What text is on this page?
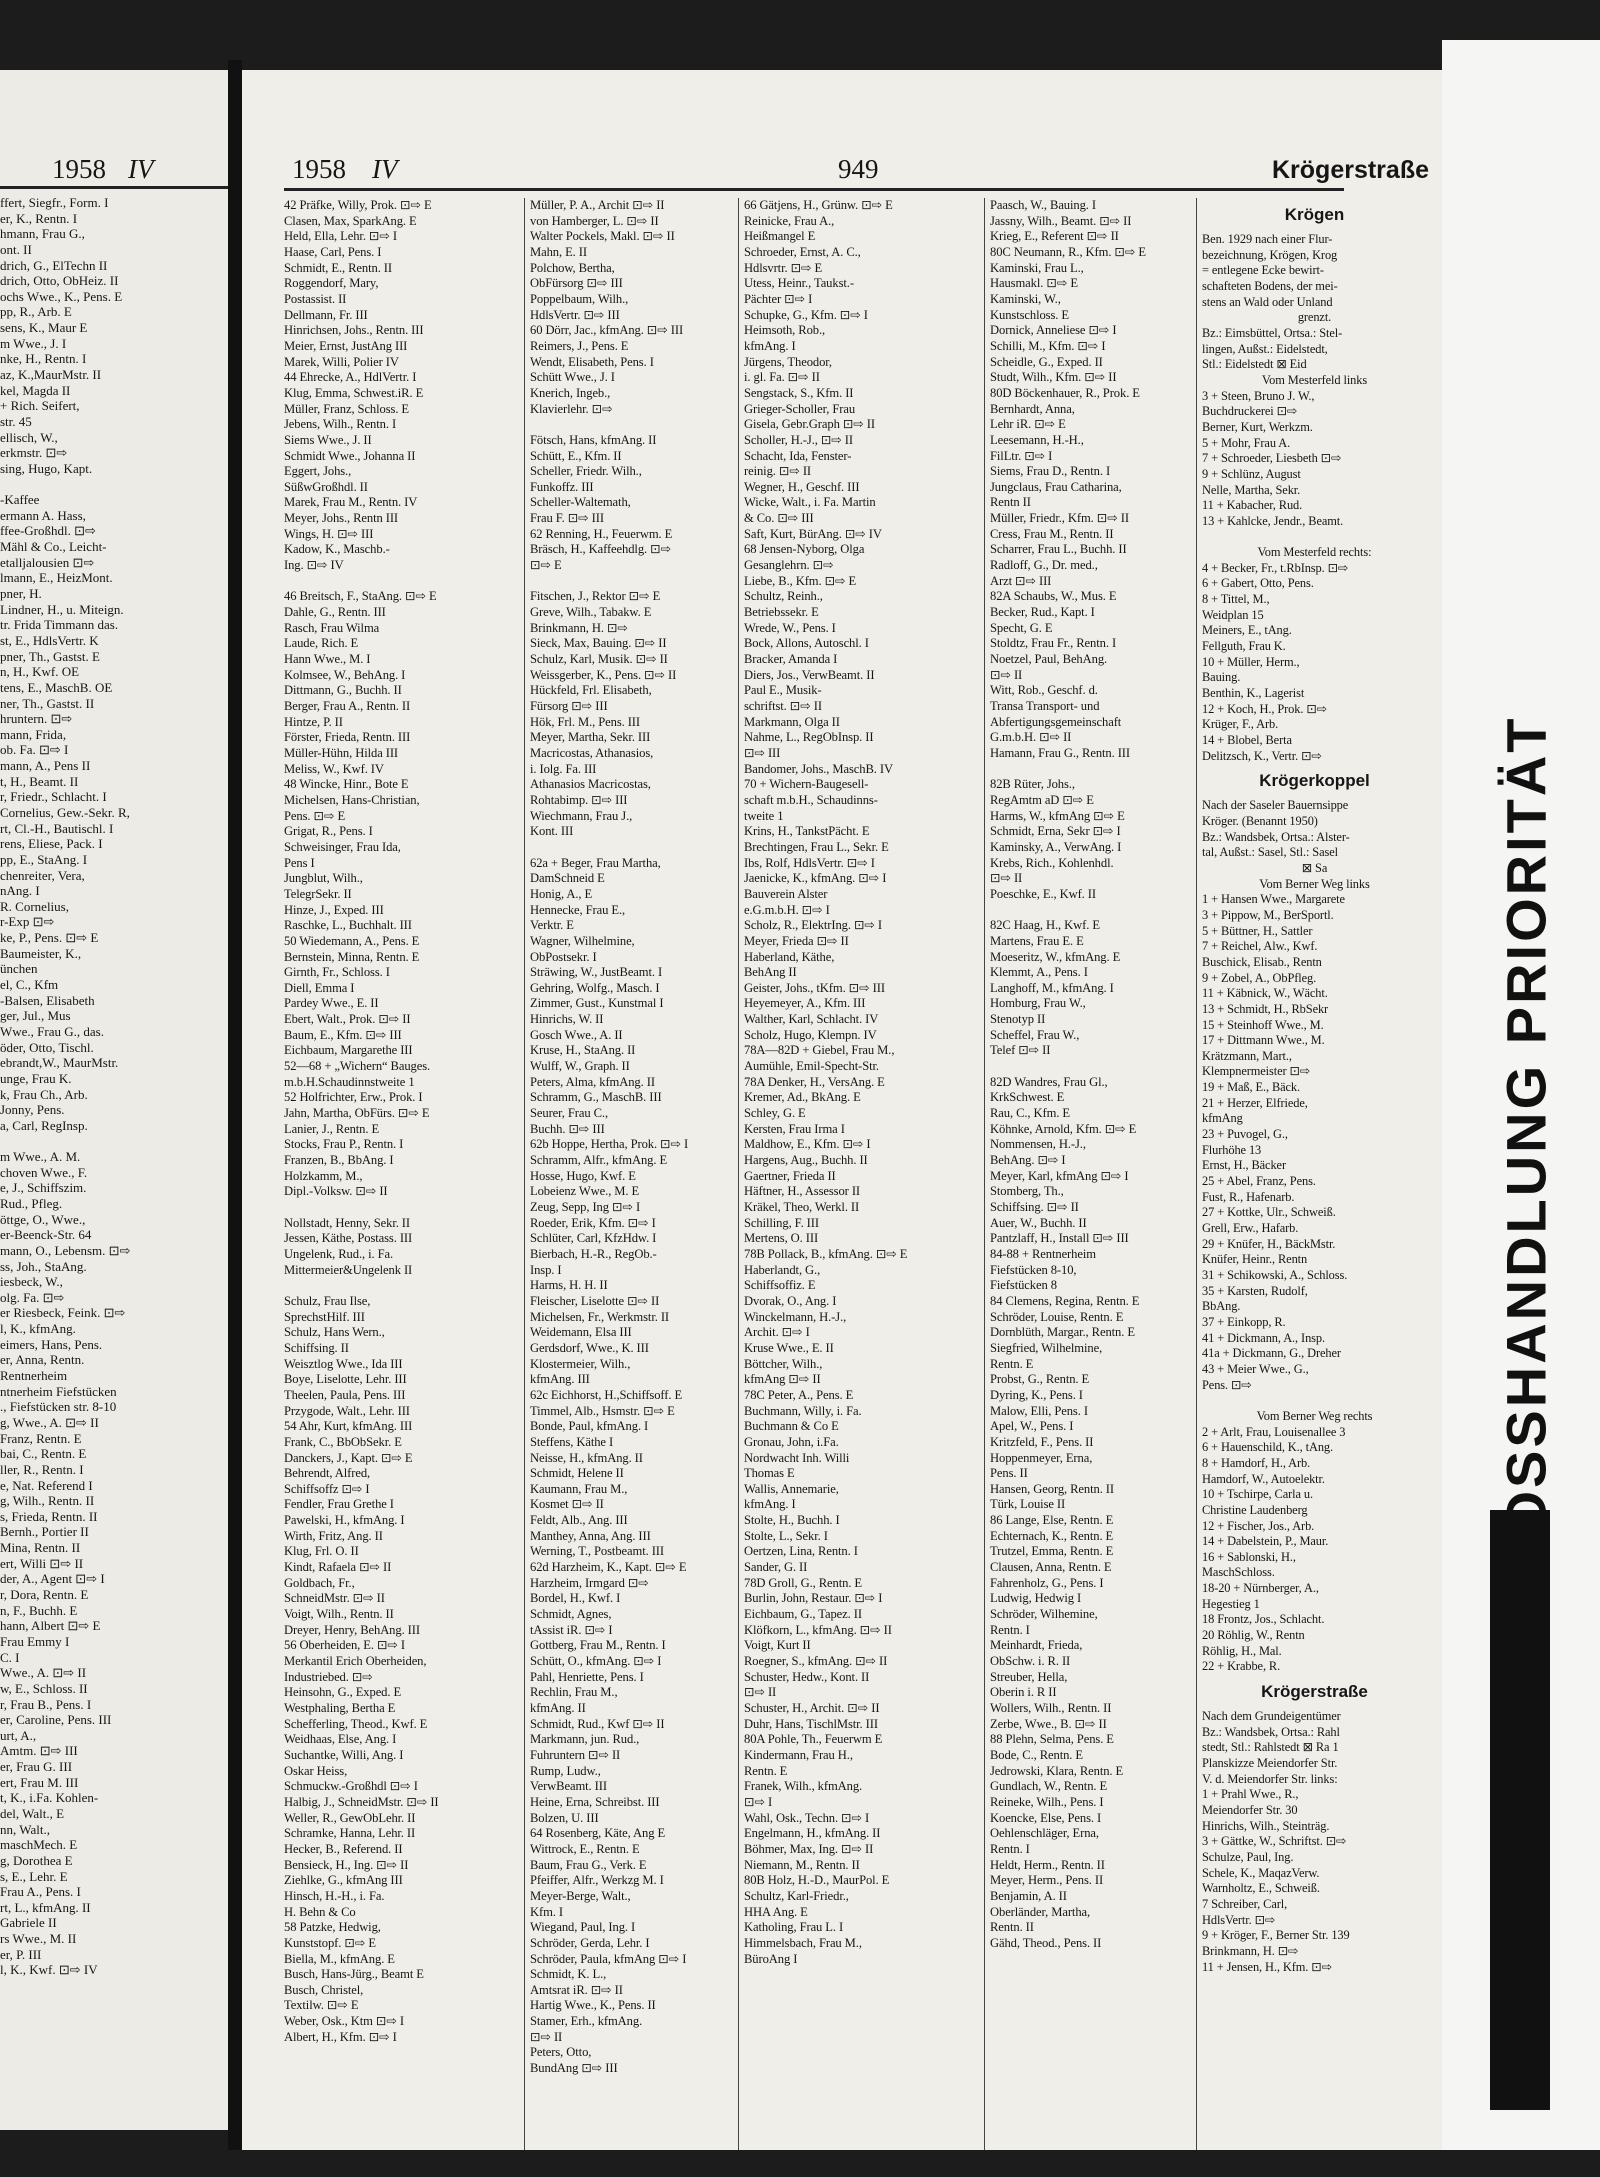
1958 IV
ffert, Siegfr., Form. I
er, K., Rentn. I
hmann, Frau G.,
ont. II
drich, G., ElTechn II
drich, Otto, ObHeiz. II
ochs Wwe., K., Pens. E
pp, R., Arb. E
sens, K., Maur E
m Wwe., J. I
nke, H., Rentn. I
az, K.,MaurMstr. II
kel, Magda II
+ Rich. Seifert,
str. 45
ellisch, W.,
erkmstr. ⊡⇨
sing, Hugo, Kapt.
-Kaffee
ermann A. Hass,
ffee-Großhdl. ⊡⇨
Mähl & Co., Leicht-
etalljalousien ⊡⇨
lmann, E., HeizMont.
pner, H.
Lindner, H., u. Miteign.
tr. Frida Timmann das.
st, E., HdlsVertr. K
pner, Th., Gastst. E
n, H., Kwf. OE
tens, E., MaschB. OE
ner, Th., Gastst. II
hruntern. ⊡⇨
mann, Frida,
ob. Fa. ⊡⇨ I
mann, A., Pens II
t, H., Beamt. II
r, Friedr., Schlacht. I
Cornelius, Gew.-Sekr. R,
rt, Cl.-H., Bautischl. I
rens, Eliese, Pack. I
pp, E., StaAng. I
chenreiter, Vera,
nAng. I
R. Cornelius,
r-Exp ⊡⇨
ke, P., Pens. ⊡⇨ E
Baumeister, K.,
ünchen
el, C., Kfm
-Balsen, Elisabeth
ger, Jul., Mus
Wwe., Frau G., das.
öder, Otto, Tischl.
ebrandt,W., MaurMstr.
unge, Frau K.
k, Frau Ch., Arb.
Jonny, Pens.
a, Carl, RegInsp.
m Wwe., A. M.
choven Wwe., F.
e, J., Schiffszim.
Rud., Pfleg.
öttge, O., Wwe.,
er-Beenck-Str. 64
mann, O., Lebensm. ⊡⇨
ss, Joh., StaAng.
iesbeck, W.,
olg. Fa. ⊡⇨
er Riesbeck, Feink. ⊡⇨
l, K., kfmAng.
eimers, Hans, Pens.
er, Anna, Rentn.
Rentnerheim
ntnerheim Fiefstücken
., Fiefstücken str. 8-10
g, Wwe., A. ⊡⇨ II
Franz, Rentn. E
bai, C., Rentn. E
ller, R., Rentn. I
e, Nat. Referend I
g, Wilh., Rentn. II
s, Frieda, Rentn. II
Bernh., Portier II
Mina, Rentn. II
ert, Willi ⊡⇨ II
der, A., Agent ⊡⇨ I
r, Dora, Rentn. E
n, F., Buchh. E
hann, Albert ⊡⇨ E
Frau Emmy I
C. I
Wwe., A. ⊡⇨ II
w, E., Schloss. II
r, Frau B., Pens. I
er, Caroline, Pens. III
urt, A.,
Amtm. ⊡⇨ III
er, Frau G. III
ert, Frau M. III
t, K., i.Fa. Kohlen-
del, Walt., E
nn, Walt.,
maschMech. E
g, Dorothea E
s, E., Lehr. E
Frau A., Pens. I
rt, L., kfmAng. II
Gabriele II
rs Wwe., M. II
er, P. III
l, K., Kwf. ⊡⇨ IV
1958 IV	949	Krögerstraße
42 Präfke, Willy, Prok. ⊡⇨ E
Clasen, Max, SparkAng. E
Held, Ella, Lehr. ⊡⇨ I
Haase, Carl, Pens. I
Schmidt, E., Rentn. II
Roggendorf, Mary,
Postassist. II
Dellmann, Fr. III
Hinrichsen, Johs., Rentn. III
Meier, Ernst, JustAng III
Marek, Willi, Polier IV
44 Ehrecke, A., HdlVertr. I
Klug, Emma, Schwest.iR. E
Müller, Franz, Schloss. E
Jebens, Wilh., Rentn. I
Siems Wwe., J. II
Schmidt Wwe., Johanna II
Eggert, Johs.,
SüßwGroßhdl. II
Marek, Frau M., Rentn. IV
Meyer, Johs., Rentn III
Wings, H. ⊡⇨ III
Kadow, K., Maschb.-
Ing. ⊡⇨ IV
46 Breitsch, F., StaAng. ⊡⇨ E
Dahle, G., Rentn. III
Rasch, Frau Wilma
Laude, Rich. E
Hann Wwe., M. I
Kolmsee, W., BehAng. I
Dittmann, G., Buchh. II
Berger, Frau A., Rentn. II
Hintze, P. II
Förster, Frieda, Rentn. III
Müller-Hühn, Hilda III
Meliss, W., Kwf. IV
48 Wincke, Hinr., Bote E
Michelsen, Hans-Christian,
Pens. ⊡⇨ E
Grigat, R., Pens. I
Schweisinger, Frau Ida,
Pens I
Jungblut, Wilh.,
TelegrSekr. II
Hinze, J., Exped. III
Raschke, L., Buchhalt. III
50 Wiedemann, A., Pens. E
Bernstein, Minna, Rentn. E
Girnth, Fr., Schloss. I
Diell, Emma I
Pardey Wwe., E. II
Ebert, Walt., Prok. ⊡⇨ II
Baum, E., Kfm. ⊡⇨ III
Eichbaum, Margarethe III
52—68 + „Wichern“ Bauges.
m.b.H.Schaudinnstweite 1
52 Holfrichter, Erw., Prok. I
Jahn, Martha, ObFürs. ⊡⇨ E
Lanier, J., Rentn. E
Stocks, Frau P., Rentn. I
Franzen, B., BbAng. I
Holzkamm, M.,
Dipl.-Volksw. ⊡⇨ II
Nollstadt, Henny, Sekr. II
Jessen, Käthe, Postass. III
Ungelenk, Rud., i. Fa.
Mittermeier&Ungelenk II
Schulz, Frau Ilse,
SprechstHilf. III
Schulz, Hans Wern.,
Schiffsing. II
Weisztlog Wwe., Ida III
Boye, Liselotte, Lehr. III
Theelen, Paula, Pens. III
Przygode, Walt., Lehr. III
54 Ahr, Kurt, kfmAng. III
Frank, C., BbObSekr. E
Danckers, J., Kapt. ⊡⇨ E
Behrendt, Alfred,
Schiffsoffz ⊡⇨ I
Fendler, Frau Grethe I
Pawelski, H., kfmAng. I
Wirth, Fritz, Ang. II
Klug, Frl. O. II
Kindt, Rafaela ⊡⇨ II
Goldbach, Fr.,
SchneidMstr. ⊡⇨ II
Voigt, Wilh., Rentn. II
Dreyer, Henry, BehAng. III
56 Oberheiden, E. ⊡⇨ I
Merkantil Erich Oberheiden,
Industriebed. ⊡⇨
Heinsohn, G., Exped. E
Westphaling, Bertha E
Schefferling, Theod., Kwf. E
Weidhaas, Else, Ang. I
Suchantke, Willi, Ang. I
Oskar Heiss,
Schmuckw.-Großhdl ⊡⇨ I
Halbig, J., SchneidMstr. ⊡⇨ II
Weller, R., GewObLehr. II
Schramke, Hanna, Lehr. II
Hecker, B., Referend. II
Bensieck, H., Ing. ⊡⇨ II
Ziehlke, G., kfmAng III
Hinsch, H.-H., i. Fa.
H. Behn & Co
58 Patzke, Hedwig,
Kunststopf. ⊡⇨ E
Biella, M., kfmAng. E
Busch, Hans-Jürg., Beamt E
Busch, Christel,
Textilw. ⊡⇨ E
Weber, Osk., Ktm ⊡⇨ I
Albert, H., Kfm. ⊡⇨ I
Müller, P. A., Archit ⊡⇨ II
von Hamberger, L. ⊡⇨ II
Walter Pockels, Makl. ⊡⇨ II
Mahn, E. II
Polchow, Bertha,
ObFürsorg ⊡⇨ III
Poppelbaum, Wilh.,
HdlsVertr. ⊡⇨ III
60 Dörr, Jac., kfmAng. ⊡⇨ III
Reimers, J., Pens. E
Wendt, Elisabeth, Pens. I
Schütt Wwe., J. I
Knerich, Ingeb.,
Klavierlehr. ⊡⇨
Fötsch, Hans, kfmAng. II
Schütt, E., Kfm. II
Scheller, Friedr. Wilh.,
Funkoffz. III
Scheller-Waltemath,
Frau F. ⊡⇨ III
62 Renning, H., Feuerwm. E
Bräsch, H., Kaffeehdlg. ⊡⇨
⊡⇨ E
Fitschen, J., Rektor ⊡⇨ E
Greve, Wilh., Tabakw. E
Brinkmann, H. ⊡⇨
Sieck, Max, Bauing. ⊡⇨ II
Schulz, Karl, Musik. ⊡⇨ II
Weissgerber, K., Pens. ⊡⇨ II
Hückfeld, Frl. Elisabeth,
Fürsorg ⊡⇨ III
Hök, Frl. M., Pens. III
Meyer, Martha, Sekr. III
Macricostas, Athanasios,
i. Iolg. Fa. III
Athanasios Macricostas,
Rohtabimp. ⊡⇨ III
Wiechmann, Frau J.,
Kont. III
62a + Beger, Frau Martha,
DamSchneid E
Honig, A., E
Hennecke, Frau E.,
Verktr. E
Wagner, Wilhelmine,
ObPostsekr. I
Sträwing, W., JustBeamt. I
Gehring, Wolfg., Masch. I
Zimmer, Gust., Kunstmal I
Hinrichs, W. II
Gosch Wwe., A. II
Kruse, H., StaAng. II
Wulff, W., Graph. II
Peters, Alma, kfmAng. II
Schramm, G., MaschB. III
Seurer, Frau C.,
Buchh. ⊡⇨ III
62b Hoppe, Hertha, Prok. ⊡⇨ I
Schramm, Alfr., kfmAng. E
Hosse, Hugo, Kwf. E
Lobeienz Wwe., M. E
Zeug, Sepp, Ing ⊡⇨ I
Roeder, Erik, Kfm. ⊡⇨ I
Schlüter, Carl, KfzHdw. I
Bierbach, H.-R., RegOb.-
Insp. I
Harms, H. H. II
Fleischer, Liselotte ⊡⇨ II
Michelsen, Fr., Werkmstr. II
Weidemann, Elsa III
Gerdsdorf, Wwe., K. III
Klostermeier, Wilh.,
kfmAng. III
62c Eichhorst, H.,Schiffsoff. E
Timmel, Alb., Hsmstr. ⊡⇨ E
Bonde, Paul, kfmAng. I
Steffens, Käthe I
Neisse, H., kfmAng. II
Schmidt, Helene II
Kaumann, Frau M.,
Kosmet ⊡⇨ II
Feldt, Alb., Ang. III
Manthey, Anna, Ang. III
Werning, T., Postbeamt. III
62d Harzheim, K., Kapt. ⊡⇨ E
Harzheim, Irmgard ⊡⇨
Bordel, H., Kwf. I
Schmidt, Agnes,
tAssist iR. ⊡⇨ I
Gottberg, Frau M., Rentn. I
Schütt, O., kfmAng. ⊡⇨ I
Pahl, Henriette, Pens. I
Rechlin, Frau M.,
kfmAng. II
Schmidt, Rud., Kwf ⊡⇨ II
Markmann, jun. Rud.,
Fuhruntern ⊡⇨ II
Rump, Ludw.,
VerwBeamt. III
Heine, Erna, Schreibst. III
Bolzen, U. III
64 Rosenberg, Käte, Ang E
Wittrock, E., Rentn. E
Baum, Frau G., Verk. E
Pfeiffer, Alfr., Werkzg M. I
Meyer-Berge, Walt.,
Kfm. I
Wiegand, Paul, Ing. I
Schröder, Gerda, Lehr. I
Schröder, Paula, kfmAng ⊡⇨ I
Schmidt, K. L.,
Amtsrat iR. ⊡⇨ II
Hartig Wwe., K., Pens. II
Stamer, Erh., kfmAng.
⊡⇨ II
Peters, Otto,
BundAng ⊡⇨ III
66 Gätjens, H., Grünw. ⊡⇨ E
Reinicke, Frau A.,
Heißmangel E
Schroeder, Ernst, A. C.,
Hdlsvrtr. ⊡⇨ E
Utess, Heinr., Taukst.-
Pächter ⊡⇨ I
Schupke, G., Kfm. ⊡⇨ I
Heimsoth, Rob.,
kfmAng. I
Jürgens, Theodor,
i. gl. Fa. ⊡⇨ II
Sengstack, S., Kfm. II
Grieger-Scholler, Frau
Gisela, Gebr.Graph ⊡⇨ II
Scholler, H.-J., ⊡⇨ II
Schacht, Ida, Fenster-
reinig. ⊡⇨ II
Wegner, H., Geschf. III
Wicke, Walt., i. Fa. Martin
& Co. ⊡⇨ III
Saft, Kurt, BürAng. ⊡⇨ IV
68 Jensen-Nyborg, Olga
Gesanglehrn. ⊡⇨
Liebe, B., Kfm. ⊡⇨ E
Schultz, Reinh.,
Betriebssekr. E
Wrede, W., Pens. I
Bock, Allons, Autoschl. I
Bracker, Amanda I
Diers, Jos., VerwBeamt. II
Paul E., Musik-
schriftst. ⊡⇨ II
Markmann, Olga II
Nahme, L., RegObInsp. II
⊡⇨ III
Bandomer, Johs., MaschB. IV
70 + Wichern-Baugesell-
schaft m.b.H., Schaudinns-
tweite 1
Krins, H., TankstPächt. E
Brechtingen, Frau L., Sekr. E
Ibs, Rolf, HdlsVertr. ⊡⇨ I
Jaenicke, K., kfmAng. ⊡⇨ I
Bauverein Alster
e.G.m.b.H. ⊡⇨ I
Scholz, R., ElektrIng. ⊡⇨ I
Meyer, Frieda ⊡⇨ II
Haberland, Käthe,
BehAng II
Geister, Johs., tKfm. ⊡⇨ III
Heyemeyer, A., Kfm. III
Walther, Karl, Schlacht. IV
Scholz, Hugo, Klempn. IV
78A—82D + Giebel, Frau M.,
Aumühle, Emil-Specht-Str.
78A Denker, H., VersAng. E
Kremer, Ad., BkAng. E
Schley, G. E
Kersten, Frau Irma I
Maldhow, E., Kfm. ⊡⇨ I
Hargens, Aug., Buchh. II
Gaertner, Frieda II
Häftner, H., Assessor II
Kräkel, Theo, Werkl. II
Schilling, F. III
Mertens, O. III
78B Pollack, B., kfmAng. ⊡⇨ E
Haberlandt, G.,
Schiffsoffiz. E
Dvorak, O., Ang. I
Winckelmann, H.-J.,
Archit. ⊡⇨ I
Kruse Wwe., E. II
Böttcher, Wilh.,
kfmAng ⊡⇨ II
78C Peter, A., Pens. E
Buchmann, Willy, i. Fa.
Buchmann & Co E
Gronau, John, i.Fa.
Nordwacht Inh. Willi
Thomas E
Wallis, Annemarie,
kfmAng. I
Stolte, H., Buchh. I
Stolte, L., Sekr. I
Oertzen, Lina, Rentn. I
Sander, G. II
78D Groll, G., Rentn. E
Burlin, John, Restaur. ⊡⇨ I
Eichbaum, G., Tapez. II
Klöfkorn, L., kfmAng. ⊡⇨ II
Voigt, Kurt II
Roegner, S., kfmAng. ⊡⇨ II
Schuster, Hedw., Kont. II
⊡⇨ II
Schuster, H., Archit. ⊡⇨ II
Duhr, Hans, TischlMstr. III
80A Pohle, Th., Feuerwm E
Kindermann, Frau H.,
Rentn. E
Franek, Wilh., kfmAng.
⊡⇨ I
Wahl, Osk., Techn. ⊡⇨ I
Engelmann, H., kfmAng. II
Böhmer, Max, Ing. ⊡⇨ II
Niemann, M., Rentn. II
80B Holz, H.-D., MaurPol. E
Schultz, Karl-Friedr.,
HHA Ang. E
Katholing, Frau L. I
Himmelsbach, Frau M.,
BüroAng I
Paasch, W., Bauing. I
Jassny, Wilh., Beamt. ⊡⇨ II
Krieg, E., Referent ⊡⇨ II
80C Neumann, R., Kfm. ⊡⇨ E
Kaminski, Frau L.,
Hausmakl. ⊡⇨ E
Kaminski, W.,
Kunstschloss. E
Dornick, Anneliese ⊡⇨ I
Schilli, M., Kfm. ⊡⇨ I
Scheidle, G., Exped. II
Studt, Wilh., Kfm. ⊡⇨ II
80D Böckenhauer, R., Prok. E
Bernhardt, Anna,
Lehr iR. ⊡⇨ E
Leesemann, H.-H.,
FilLtr. ⊡⇨ I
Siems, Frau D., Rentn. I
Jungclaus, Frau Catharina,
Rentn II
Müller, Friedr., Kfm. ⊡⇨ II
Cress, Frau M., Rentn. II
Scharrer, Frau L., Buchh. II
Radloff, G., Dr. med.,
Arzt ⊡⇨ III
82A Schaubs, W., Mus. E
Becker, Rud., Kapt. I
Specht, G. E
Stoldtz, Frau Fr., Rentn. I
Noetzel, Paul, BehAng.
⊡⇨ II
Witt, Rob., Geschf. d.
Transa Transport- und
Abfertigungsgemeinschaft
G.m.b.H. ⊡⇨ II
Hamann, Frau G., Rentn. III
82B Rüter, Johs.,
RegAmtm aD ⊡⇨ E
Harms, W., kfmAng ⊡⇨ E
Schmidt, Erna, Sekr ⊡⇨ I
Kaminsky, A., VerwAng. I
Krebs, Rich., Kohlenhdl.
⊡⇨ II
Poeschke, E., Kwf. II
82C Haag, H., Kwf. E
Martens, Frau E. E
Moeseritz, W., kfmAng. E
Klemmt, A., Pens. I
Langhoff, M., kfmAng. I
Homburg, Frau W.,
Stenotyp II
Scheffel, Frau W.,
Telef ⊡⇨ II
82D Wandres, Frau Gl.,
KrkSchwest. E
Rau, C., Kfm. E
Köhnke, Arnold, Kfm. ⊡⇨ E
Nommensen, H.-J.,
BehAng. ⊡⇨ I
Meyer, Karl, kfmAng ⊡⇨ I
Stomberg, Th.,
Schiffsing. ⊡⇨ II
Auer, W., Buchh. II
Pantzlaff, H., Install ⊡⇨ III
84-88 + Rentnerheim
Fiefstücken 8-10,
Fiefstücken 8
84 Clemens, Regina, Rentn. E
Schröder, Louise, Rentn. E
Dornblüth, Margar., Rentn. E
Siegfried, Wilhelmine,
Rentn. E
Probst, G., Rentn. E
Dyring, K., Pens. I
Malow, Elli, Pens. I
Apel, W., Pens. I
Kritzfeld, F., Pens. II
Hoppenmeyer, Erna,
Pens. II
Hansen, Georg, Rentn. II
Türk, Louise II
86 Lange, Else, Rentn. E
Echternach, K., Rentn. E
Trutzel, Emma, Rentn. E
Clausen, Anna, Rentn. E
Fahrenholz, G., Pens. I
Ludwig, Hedwig I
Schröder, Wilhemine,
Rentn. I
Meinhardt, Frieda,
ObSchw. i. R. II
Streuber, Hella,
Oberin i. R II
Wollers, Wilh., Rentn. II
Zerbe, Wwe., B. ⊡⇨ II
88 Plehn, Selma, Pens. E
Bode, C., Rentn. E
Jedrowski, Klara, Rentn. E
Gundlach, W., Rentn. E
Reineke, Wilh., Pens. I
Koencke, Else, Pens. I
Oehlenschläger, Erna,
Rentn. I
Heldt, Herm., Rentn. II
Meyer, Herm., Pens. II
Benjamin, A. II
Oberländer, Martha,
Rentn. II
Gähd, Theod., Pens. II
Krögen
Ben. 1929 nach einer Flur-
bezeichnung, Krögen, Krog
= entlegene Ecke bewirt-
schafteten Bodens, der mei-
stens an Wald oder Unland
grenzt.
Bz.: Eimsbüttel, Ortsa.: Stel-
lingen, Außst.: Eidelstedt,
Stl.: Eidelstedt ⊠ Eid
Vom Mesterfeld links
3 + Steen, Bruno J. W.,
Buchdruckerei ⊡⇨
Berner, Kurt, Werkzm.
5 + Mohr, Frau A.
7 + Schroeder, Liesbeth ⊡⇨
9 + Schlünz, August
Nelle, Martha, Sekr.
11 + Kabacher, Rud.
13 + Kahlcke, Jendr., Beamt.
Vom Mesterfeld rechts:
4 + Becker, Fr., t.RbInsp. ⊡⇨
6 + Gabert, Otto, Pens.
8 + Tittel, M.,
Weidplan 15
Meiners, E., tAng.
Fellguth, Frau K.
10 + Müller, Herm.,
Bauing.
Benthin, K., Lagerist
12 + Koch, H., Prok. ⊡⇨
Krüger, F., Arb.
14 + Blobel, Berta
Delitzsch, K., Vertr. ⊡⇨
Krögerkoppel
Nach der Saseler Bauernsippe
Kröger. (Benannt 1950)
Bz.: Wandsbek, Ortsa.: Alster-
tal, Außst.: Sasel, Stl.: Sasel
⊠ Sa
Vom Berner Weg links
1 + Hansen Wwe., Margarete
3 + Pippow, M., BerSportl.
5 + Büttner, H., Sattler
7 + Reichel, Alw., Kwf.
Buschick, Elisab., Rentn
9 + Zobel, A., ObPfleg.
11 + Käbnick, W., Wächt.
13 + Schmidt, H., RbSekr
15 + Steinhoff Wwe., M.
17 + Dittmann Wwe., M.
Krätzmann, Mart.,
Klempnermeister ⊡⇨
19 + Maß, E., Bäck.
21 + Herzer, Elfriede,
kfmAng
23 + Puvogel, G.,
Flurhöhe 13
Ernst, H., Bäcker
25 + Abel, Franz, Pens.
Fust, R., Hafenarb.
27 + Kottke, Ulr., Schweiß.
Grell, Erw., Hafarb.
29 + Knüfer, H., BäckMstr.
Knüfer, Heinr., Rentn
31 + Schikowski, A., Schloss.
35 + Karsten, Rudolf,
BbAng.
37 + Einkopp, R.
41 + Dickmann, A., Insp.
41a + Dickmann, G., Dreher
43 + Meier Wwe., G.,
Pens. ⊡⇨
Vom Berner Weg rechts
2 + Arlt, Frau, Louisenallee 3
6 + Hauenschild, K., tAng.
8 + Hamdorf, H., Arb.
Hamdorf, W., Autoelektr.
10 + Tschirpe, Carla u.
Christine Laudenberg
12 + Fischer, Jos., Arb.
14 + Dabelstein, P., Maur.
16 + Sablonski, H.,
MaschSchloss.
18-20 + Nürnberger, A.,
Hegestieg 1
18 Frontz, Jos., Schlacht.
20 Röhlig, W., Rentn
Röhlig, H., Mal.
22 + Krabbe, R.
Krögerstraße
Nach dem Grundeigentümer
Bz.: Wandsbek, Ortsa.: Rahl
stedt, Stl.: Rahlstedt ⊠ Ra 1
Planskizze Meiendorfer Str.
V. d. Meiendorfer Str. links:
1 + Prahl Wwe., R.,
Meiendorfer Str. 30
Hinrichs, Wilh., Steinträg.
3 + Gättke, W., Schriftst. ⊡⇨
Schulze, Paul, Ing.
Schele, K., MaqazVerw.
Warnholtz, E., Schweiß.
7 Schreiber, Carl,
HdlsVertr. ⊡⇨
9 + Kröger, F., Berner Str. 139
Brinkmann, H. ⊡⇨
11 + Jensen, H., Kfm. ⊡⇨
GROSSHANDLUNG PRIORITÄT
